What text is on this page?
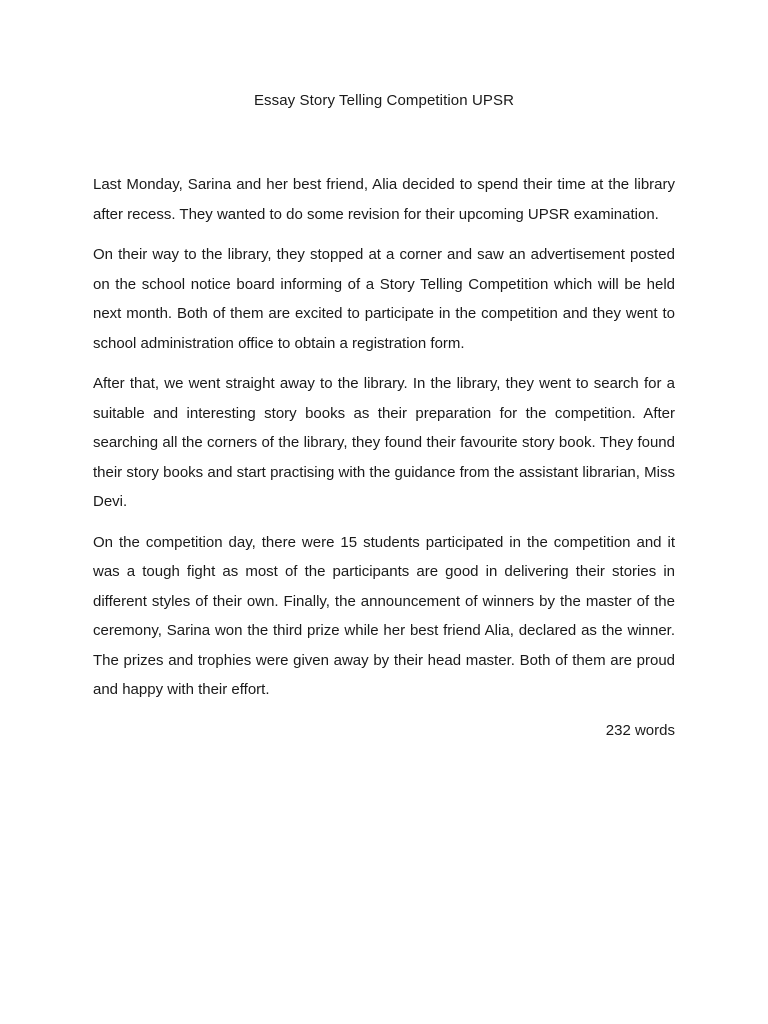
Essay Story Telling Competition UPSR

Last Monday, Sarina and her best friend, Alia decided to spend their time at the library after recess. They wanted to do some revision for their upcoming UPSR examination.

On their way to the library, they stopped at a corner and saw an advertisement posted on the school notice board informing of a Story Telling Competition which will be held next month. Both of them are excited to participate in the competition and they went to school administration office to obtain a registration form.

After that, we went straight away to the library. In the library, they went to search for a suitable and interesting story books as their preparation for the competition. After searching all the corners of the library, they found their favourite story book. They found their story books and start practising with the guidance from the assistant librarian, Miss Devi.

On the competition day, there were 15 students participated in the competition and it was a tough fight as most of the participants are good in delivering their stories in different styles of their own. Finally, the announcement of winners by the master of the ceremony, Sarina won the third prize while her best friend Alia, declared as the winner. The prizes and trophies were given away by their head master. Both of them are proud and happy with their effort.

232 words
